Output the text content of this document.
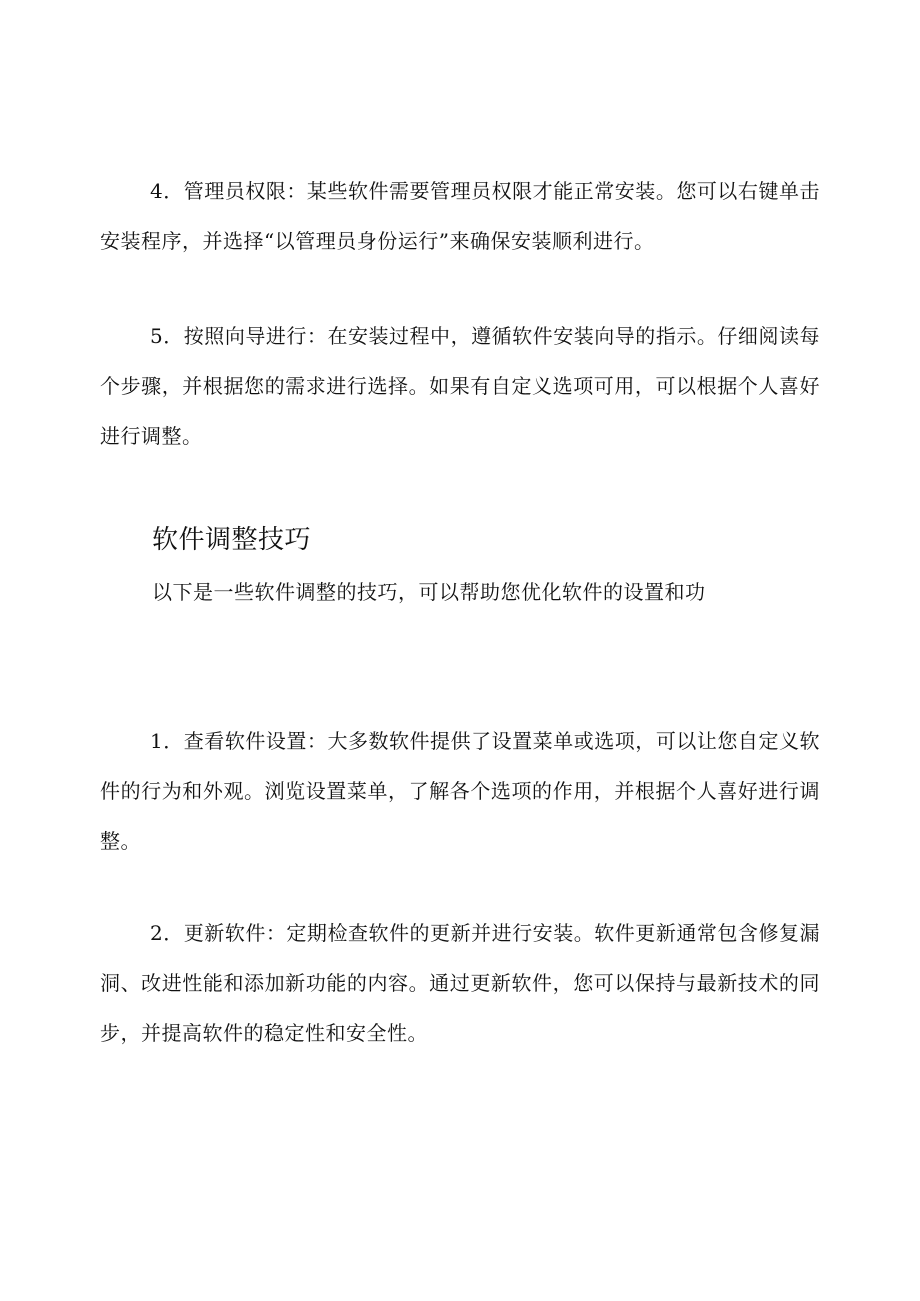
4．管理员权限：某些软件需要管理员权限才能正常安装。您可以右键单击安装程序，并选择“以管理员身份运行”来确保安装顺利进行。

5．按照向导进行：在安装过程中，遵循软件安装向导的指示。仔细阅读每个步骤，并根据您的需求进行选择。如果有自定义选项可用，可以根据个人喜好进行调整。

软件调整技巧

以下是一些软件调整的技巧，可以帮助您优化软件的设置和功

1．查看软件设置：大多数软件提供了设置菜单或选项，可以让您自定义软件的行为和外观。浏览设置菜单，了解各个选项的作用，并根据个人喜好进行调整。

2．更新软件：定期检查软件的更新并进行安装。软件更新通常包含修复漏洞、改进性能和添加新功能的内容。通过更新软件，您可以保持与最新技术的同步，并提高软件的稳定性和安全性。
